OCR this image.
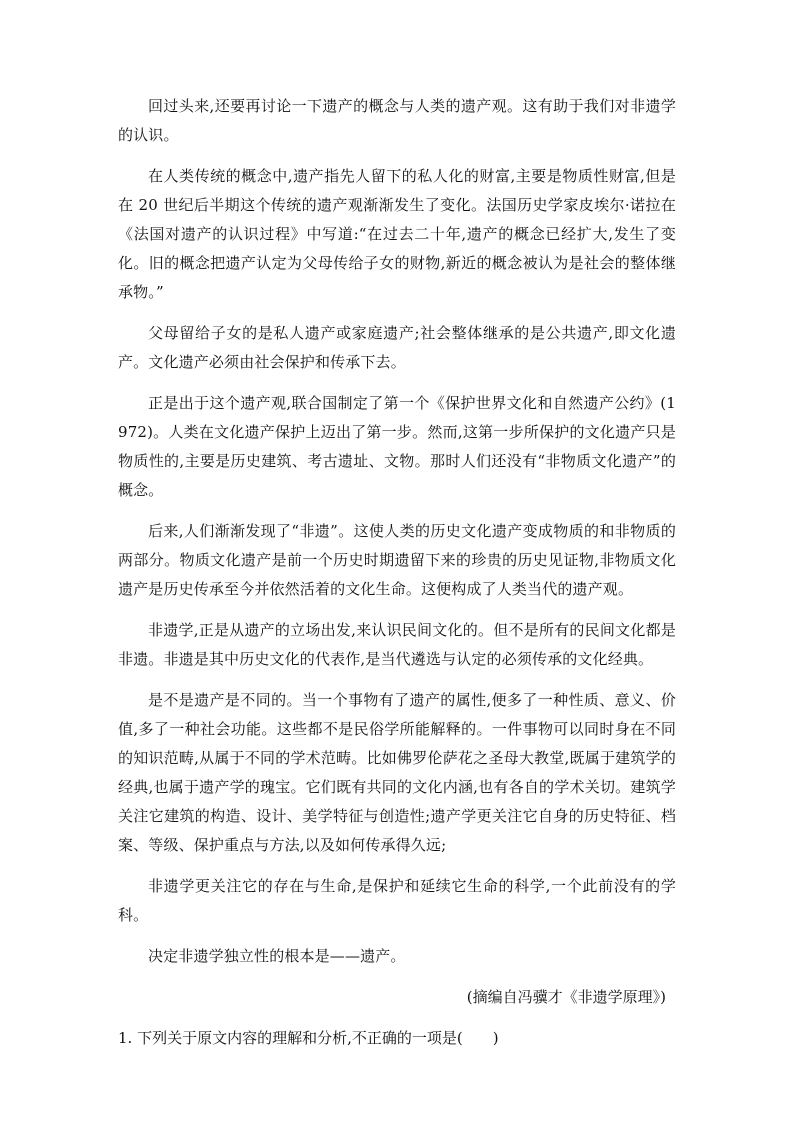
回过头来,还要再讨论一下遗产的概念与人类的遗产观。这有助于我们对非遗学的认识。

在人类传统的概念中,遗产指先人留下的私人化的财富,主要是物质性财富,但是在 20 世纪后半期这个传统的遗产观渐渐发生了变化。法国历史学家皮埃尔·诺拉在《法国对遗产的认识过程》中写道:“在过去二十年,遗产的概念已经扩大,发生了变化。旧的概念把遗产认定为父母传给子女的财物,新近的概念被认为是社会的整体继承物。”

父母留给子女的是私人遗产或家庭遗产;社会整体继承的是公共遗产,即文化遗产。文化遗产必须由社会保护和传承下去。

正是出于这个遗产观,联合国制定了第一个《保护世界文化和自然遗产公约》(1972)。人类在文化遗产保护上迈出了第一步。然而,这第一步所保护的文化遗产只是物质性的,主要是历史建筑、考古遗址、文物。那时人们还没有“非物质文化遗产”的概念。

后来,人们渐渐发现了“非遗”。这使人类的历史文化遗产变成物质的和非物质的两部分。物质文化遗产是前一个历史时期遗留下来的珍贵的历史见证物,非物质文化遗产是历史传承至今并依然活着的文化生命。这便构成了人类当代的遗产观。

非遗学,正是从遗产的立场出发,来认识民间文化的。但不是所有的民间文化都是非遗。非遗是其中历史文化的代表作,是当代遴选与认定的必须传承的文化经典。

是不是遗产是不同的。当一个事物有了遗产的属性,便多了一种性质、意义、价值,多了一种社会功能。这些都不是民俗学所能解释的。一件事物可以同时身在不同的知识范畴,从属于不同的学术范畴。比如佛罗伦萨花之圣母大教堂,既属于建筑学的经典,也属于遗产学的瑰宝。它们既有共同的文化内涵,也有各自的学术关切。建筑学关注它建筑的构造、设计、美学特征与创造性;遗产学更关注它自身的历史特征、档案、等级、保护重点与方法,以及如何传承得久远;

非遗学更关注它的存在与生命,是保护和延续它生命的科学,一个此前没有的学科。

决定非遗学独立性的根本是——遗产。

(摘编自冯骥才《非遗学原理》)

1. 下列关于原文内容的理解和分析,不正确的一项是(　　)
